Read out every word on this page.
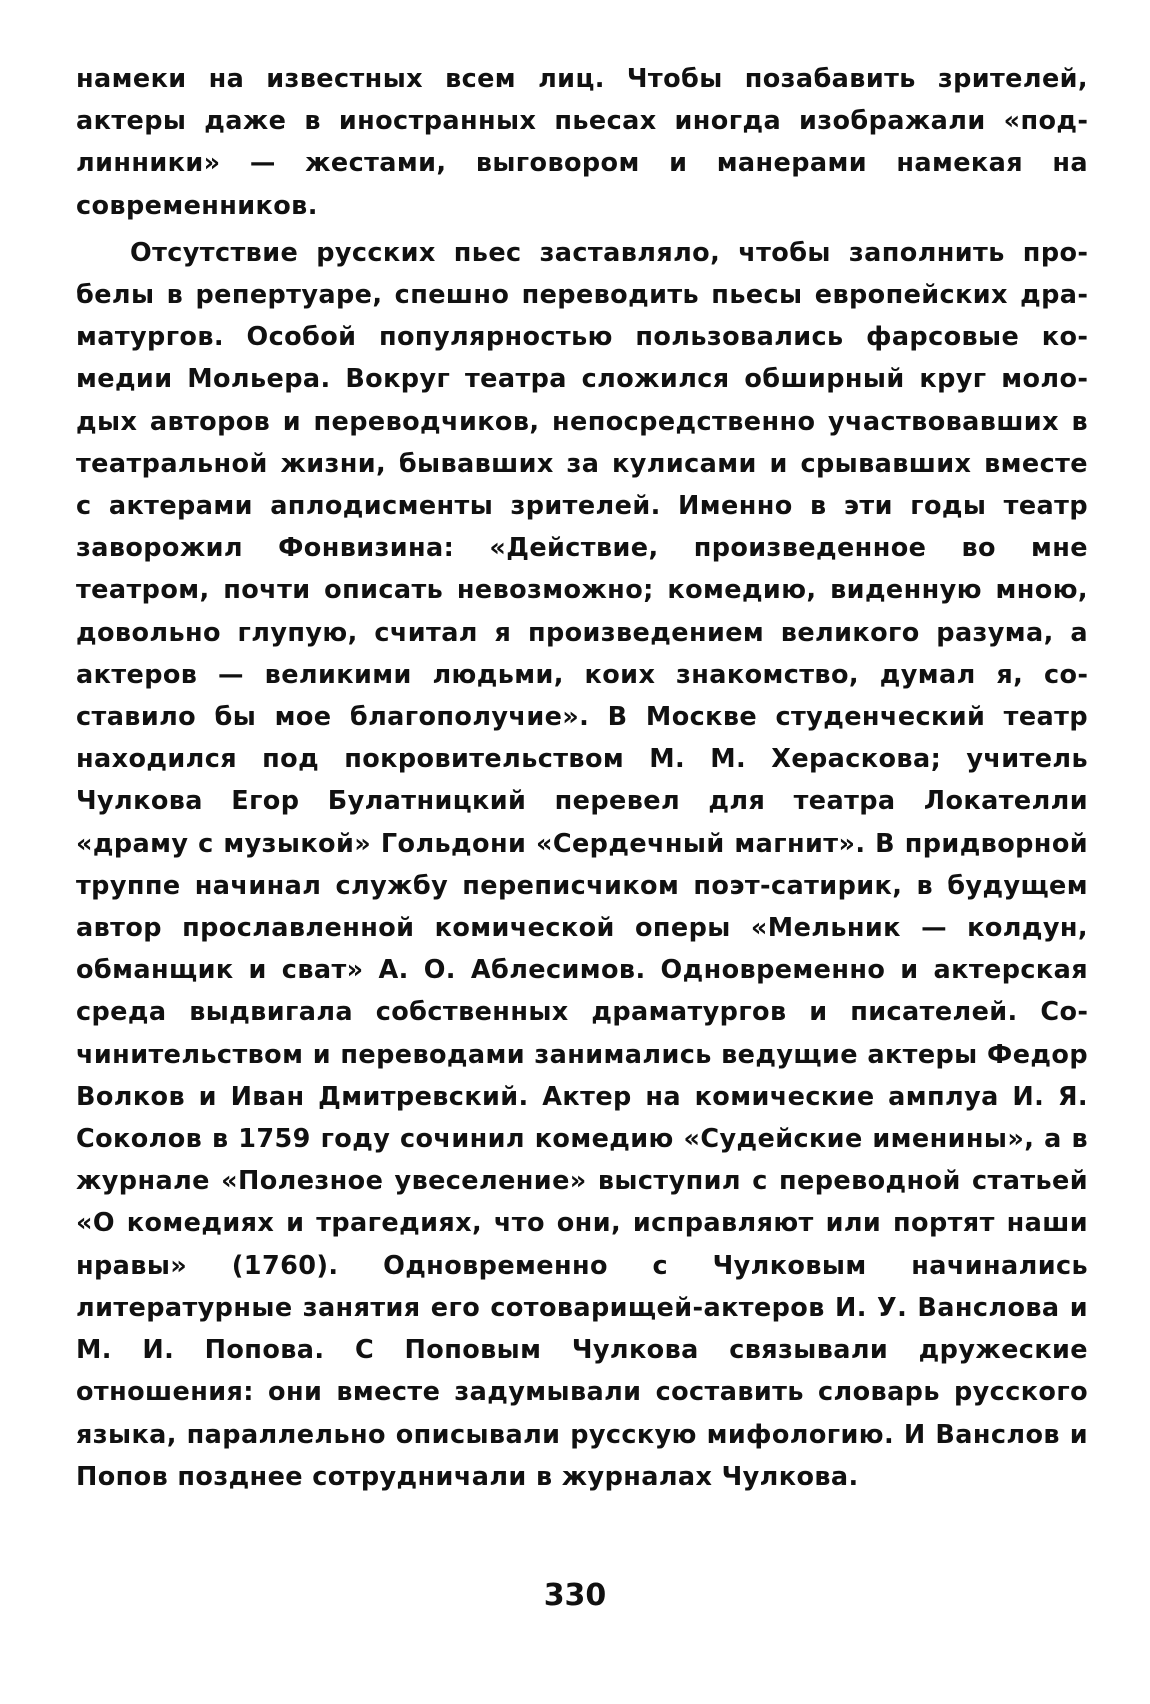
намеки на известных всем лиц. Чтобы позабавить зрителей, актеры даже в иностранных пьесах иногда изображали «подлинники» — жестами, выговором и манерами намекая на современников.

Отсутствие русских пьес заставляло, чтобы заполнить пробелы в репертуаре, спешно переводить пьесы европейских драматургов. Особой популярностью пользовались фарсовые комедии Мольера. Вокруг театра сложился обширный круг молодых авторов и переводчиков, непосредственно участвовавших в театральной жизни, бывавших за кулисами и срывавших вместе с актерами аплодисменты зрителей. Именно в эти годы театр заворожил Фонвизина: «Действие, произведенное во мне театром, почти описать невозможно; комедию, виденную мною, довольно глупую, считал я произведением великого разума, а актеров — великими людьми, коих знакомство, думал я, составило бы мое благополучие». В Москве студенческий театр находился под покровительством М. М. Хераскова; учитель Чулкова Егор Булатницкий перевел для театра Локателли «драму с музыкой» Гольдони «Сердечный магнит». В придворной труппе начинал службу переписчиком поэт-сатирик, в будущем автор прославленной комической оперы «Мельник — колдун, обманщик и сват» А. О. Аблесимов. Одновременно и актерская среда выдвигала собственных драматургов и писателей. Сочинительством и переводами занимались ведущие актеры Федор Волков и Иван Дмитревский. Актер на комические амплуа И. Я. Соколов в 1759 году сочинил комедию «Судейские именины», а в журнале «Полезное увеселение» выступил с переводной статьей «О комедиях и трагедиях, что они, исправляют или портят наши нравы» (1760). Одновременно с Чулковым начинались литературные занятия его сотоварищей-актеров И. У. Ванслова и М. И. Попова. С Поповым Чулкова связывали дружеские отношения: они вместе задумывали составить словарь русского языка, параллельно описывали русскую мифологию. И Ванслов и Попов позднее сотрудничали в журналах Чулкова.

330
